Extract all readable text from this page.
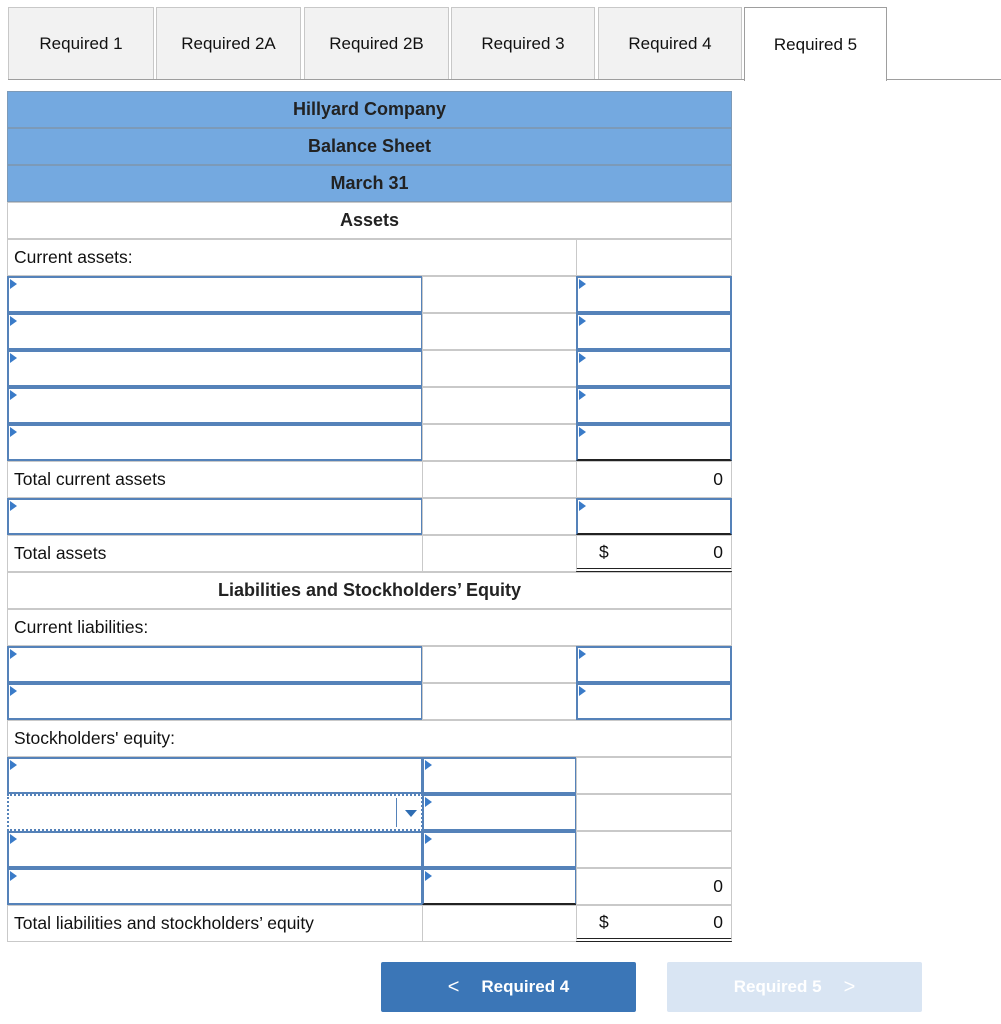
Required 1	Required 2A	Required 2B	Required 3	Required 4	Required 5
Hillyard Company
Balance Sheet
March 31
Assets
Current assets:
Total current assets	0
Total assets	$	0
Liabilities and Stockholders’ Equity
Current liabilities:
Stockholders' equity:
0
Total liabilities and stockholders’ equity	$	0
< Required 4	Required 5 >
